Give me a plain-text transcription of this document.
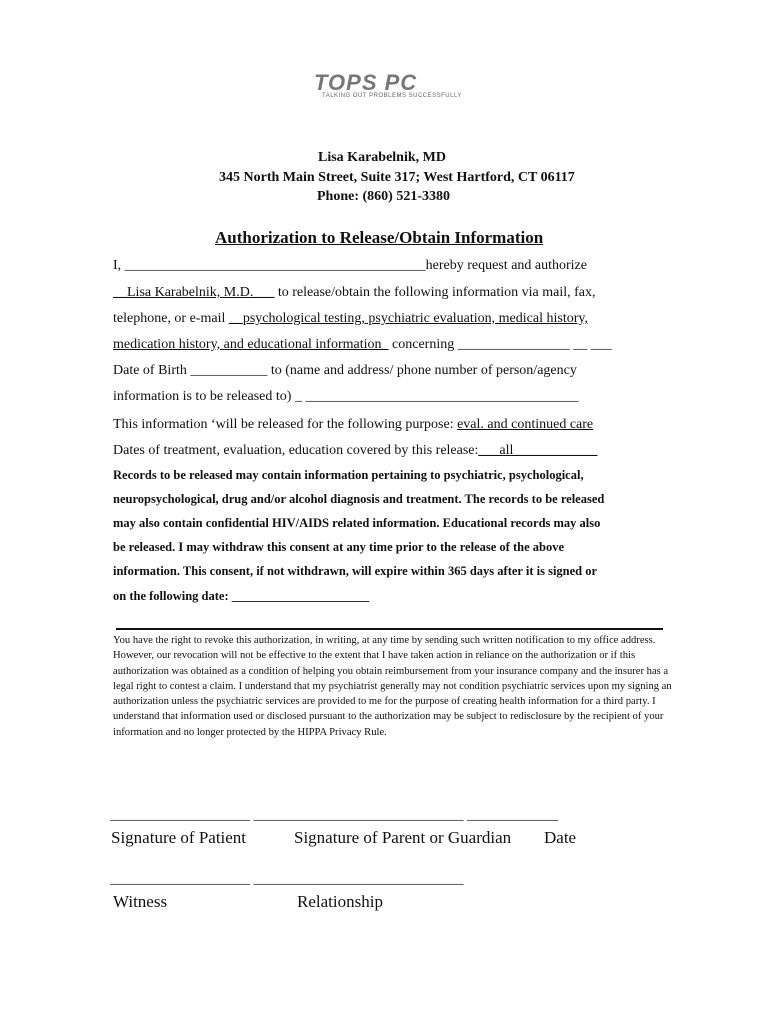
TOPS PC
TALKING OUT PROBLEMS SUCCESSFULLY
Lisa Karabelnik, MD
345 North Main Street, Suite 317; West Hartford, CT 06117
Phone: (860) 521-3380
Authorization to Release/Obtain Information
I, ___________________________________________hereby request and authorize
__Lisa Karabelnik, M.D.___ to release/obtain the following information via mail, fax,
telephone, or e-mail __psychological testing, psychiatric evaluation, medical history,
medication history, and educational information_ concerning ________________ __ ___
Date of Birth ___________ to (name and address/ phone number of person/agency
information is to be released to) _ _______________________________________
This information ‘will be released for the following purpose: eval. and continued care
Dates of treatment, evaluation, education covered by this release:___all____________
Records to be released may contain information pertaining to psychiatric, psychological,
neuropsychological, drug and/or alcohol diagnosis and treatment. The records to be released
may also contain confidential HIV/AIDS related information. Educational records may also
be released. I may withdraw this consent at any time prior to the release of the above
information. This consent, if not withdrawn, will expire within 365 days after it is signed or
on the following date: ______________________
You have the right to revoke this authorization, in writing, at any time by sending such written notification to my office address. However, our revocation will not be effective to the extent that I have taken action in reliance on the authorization or if this authorization was obtained as a condition of helping you obtain reimbursement from your insurance company and the insurer has a legal right to contest a claim. I understand that my psychiatrist generally may not condition psychiatric services upon my signing an authorization unless the psychiatric services are provided to me for the purpose of creating health information for a third party. I understand that information used or disclosed pursuant to the authorization may be subject to redisclosure by the recipient of your information and no longer protected by the HIPPA Privacy Rule.
____________________ ______________________________ _____________
Signature of Patient	Signature of Parent or Guardian Date
____________________ ______________________________
Witness	Relationship
